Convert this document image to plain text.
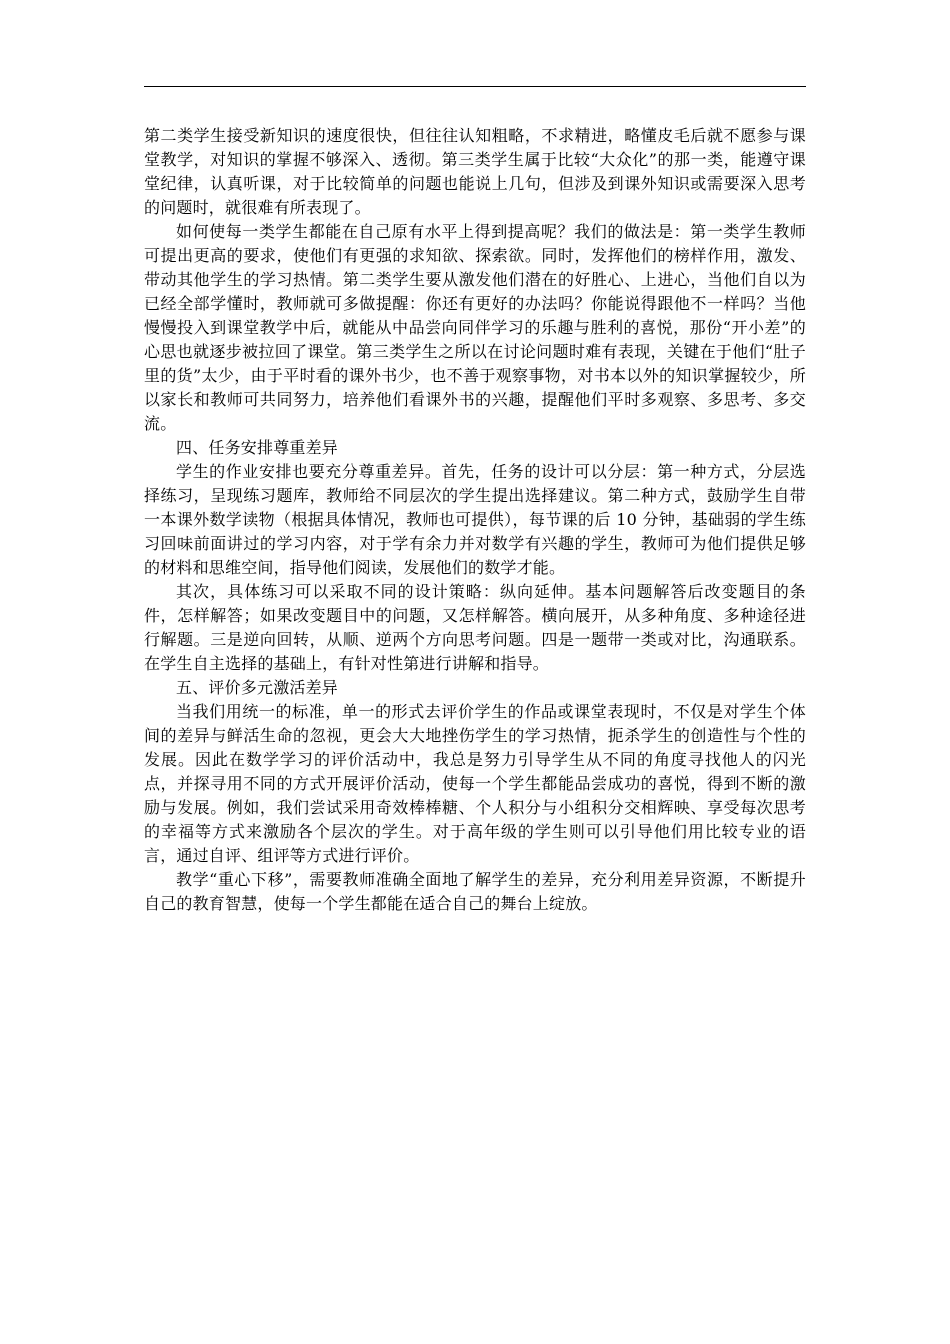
第二类学生接受新知识的速度很快，但往往认知粗略，不求精进，略懂皮毛后就不愿参与课堂教学，对知识的掌握不够深入、透彻。第三类学生属于比较“大众化”的那一类，能遵守课堂纪律，认真听课，对于比较简单的问题也能说上几句，但涉及到课外知识或需要深入思考的问题时，就很难有所表现了。

如何使每一类学生都能在自己原有水平上得到提高呢？我们的做法是：第一类学生教师可提出更高的要求，使他们有更强的求知欲、探索欲。同时，发挥他们的榜样作用，激发、带动其他学生的学习热情。第二类学生要从激发他们潜在的好胜心、上进心，当他们自以为已经全部学懂时，教师就可多做提醒：你还有更好的办法吗？你能说得跟他不一样吗？当他慢慢投入到课堂教学中后，就能从中品尝向同伴学习的乐趣与胜利的喜悦，那份“开小差”的心思也就逐步被拉回了课堂。第三类学生之所以在讨论问题时难有表现，关键在于他们“肚子里的货”太少，由于平时看的课外书少，也不善于观察事物，对书本以外的知识掌握较少，所以家长和教师可共同努力，培养他们看课外书的兴趣，提醒他们平时多观察、多思考、多交流。

四、任务安排尊重差异

学生的作业安排也要充分尊重差异。首先，任务的设计可以分层：第一种方式，分层选择练习，呈现练习题库，教师给不同层次的学生提出选择建议。第二种方式，鼓励学生自带一本课外数学读物（根据具体情况，教师也可提供），每节课的后 10 分钟，基础弱的学生练习回味前面讲过的学习内容，对于学有余力并对数学有兴趣的学生，教师可为他们提供足够的材料和思维空间，指导他们阅读，发展他们的数学才能。

其次，具体练习可以采取不同的设计策略：纵向延伸。基本问题解答后改变题目的条件，怎样解答；如果改变题目中的问题，又怎样解答。横向展开，从多种角度、多种途径进行解题。三是逆向回转，从顺、逆两个方向思考问题。四是一题带一类或对比，沟通联系。在学生自主选择的基础上，有针对性第进行讲解和指导。

五、评价多元激活差异

当我们用统一的标准，单一的形式去评价学生的作品或课堂表现时，不仅是对学生个体间的差异与鲜活生命的忽视，更会大大地挫伤学生的学习热情，扼杀学生的创造性与个性的发展。因此在数学学习的评价活动中，我总是努力引导学生从不同的角度寻找他人的闪光点，并探寻用不同的方式开展评价活动，使每一个学生都能品尝成功的喜悦，得到不断的激励与发展。例如，我们尝试采用奇效棒棒糖、个人积分与小组积分交相辉映、享受每次思考的幸福等方式来激励各个层次的学生。对于高年级的学生则可以引导他们用比较专业的语言，通过自评、组评等方式进行评价。

教学“重心下移”，需要教师准确全面地了解学生的差异，充分利用差异资源，不断提升自己的教育智慧，使每一个学生都能在适合自己的舞台上绽放。
